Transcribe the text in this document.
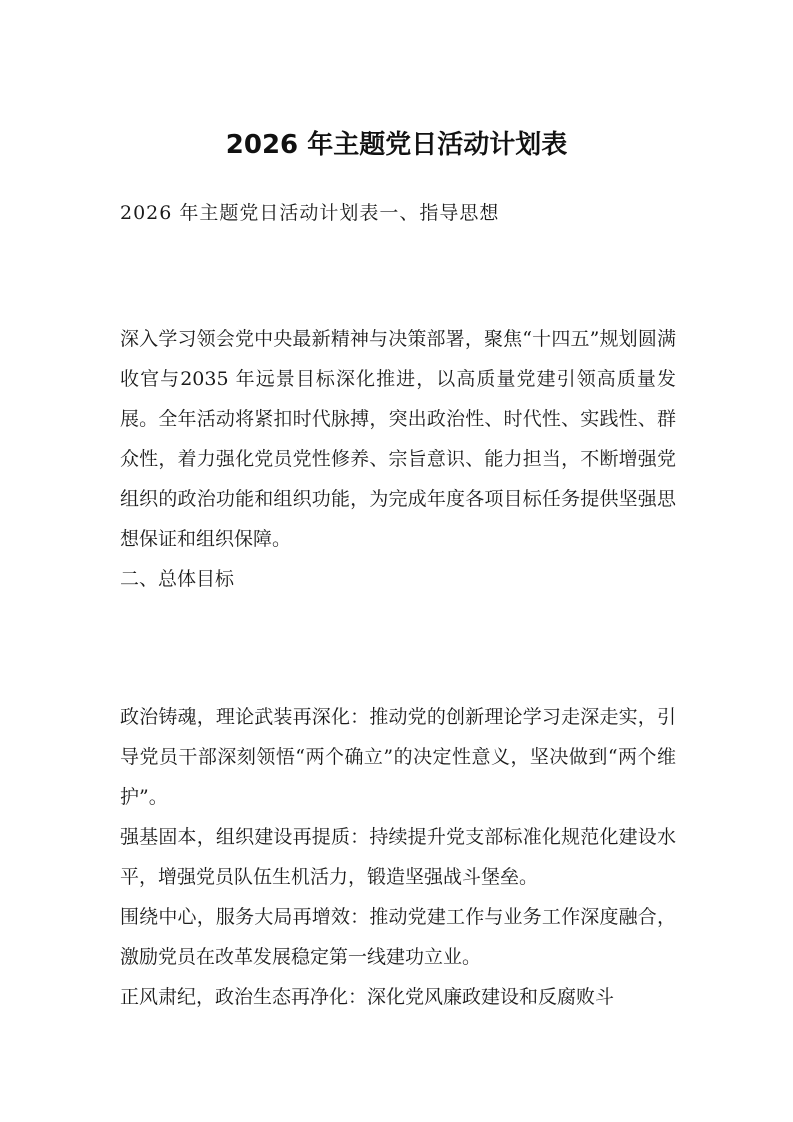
2026 年主题党日活动计划表

2026 年主题党日活动计划表一、指导思想

深入学习领会党中央最新精神与决策部署，聚焦“十四五”规划圆满收官与2035 年远景目标深化推进，以高质量党建引领高质量发展。全年活动将紧扣时代脉搏，突出政治性、时代性、实践性、群众性，着力强化党员党性修养、宗旨意识、能力担当，不断增强党组织的政治功能和组织功能，为完成年度各项目标任务提供坚强思想保证和组织保障。

二、总体目标

政治铸魂，理论武装再深化：推动党的创新理论学习走深走实，引导党员干部深刻领悟“两个确立”的决定性意义，坚决做到“两个维护”。

强基固本，组织建设再提质：持续提升党支部标准化规范化建设水平，增强党员队伍生机活力，锻造坚强战斗堡垒。

围绕中心，服务大局再增效：推动党建工作与业务工作深度融合，激励党员在改革发展稳定第一线建功立业。

正风肃纪，政治生态再净化：深化党风廉政建设和反腐败斗
